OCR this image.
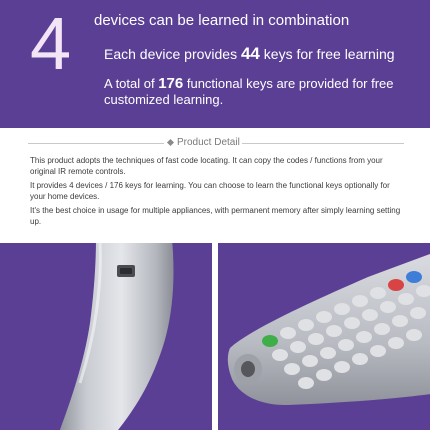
4 devices can be learned in combination
Each device provides 44 keys for free learning
A total of 176 functional keys are provided for free customized learning.
Product Detail

This product adopts the techniques of fast code locating. It can copy the codes / functions from your original IR remote controls.

It provides 4 devices / 176 keys for learning. You can choose to learn the functional keys optionally for your home devices.

It's the best choice in usage for multiple appliances, with permanent memory after simply learning setting up.
